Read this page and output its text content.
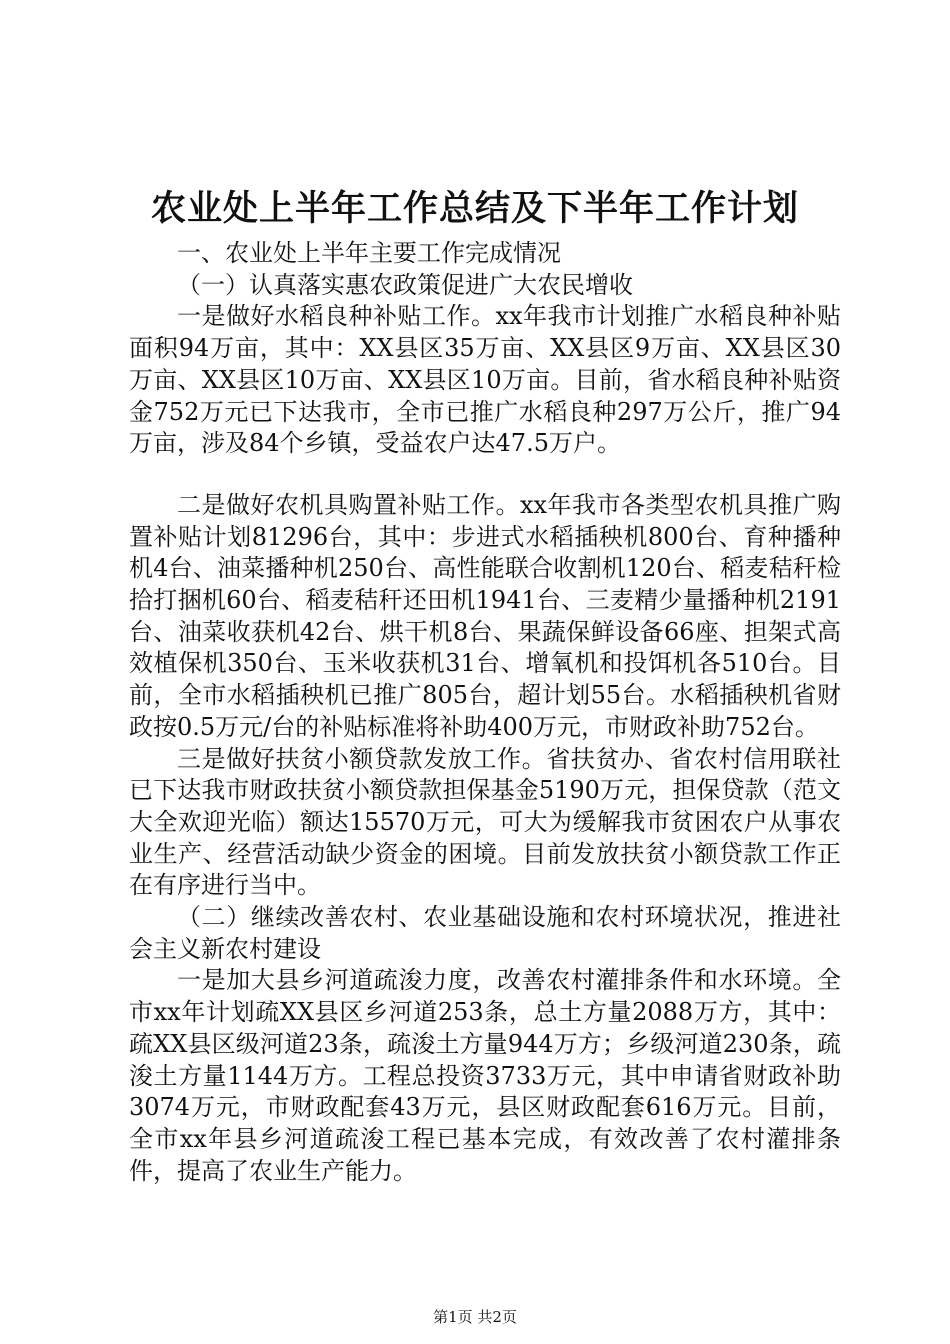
农业处上半年工作总结及下半年工作计划

一、农业处上半年主要工作完成情况

（一）认真落实惠农政策促进广大农民增收

一是做好水稻良种补贴工作。xx年我市计划推广水稻良种补贴面积94万亩，其中：XX县区35万亩、XX县区9万亩、XX县区30万亩、XX县区10万亩、XX县区10万亩。目前，省水稻良种补贴资金752万元已下达我市，全市已推广水稻良种297万公斤，推广94万亩，涉及84个乡镇，受益农户达47.5万户。

二是做好农机具购置补贴工作。xx年我市各类型农机具推广购置补贴计划81296台，其中：步进式水稻插秧机800台、育种播种机4台、油菜播种机250台、高性能联合收割机120台、稻麦秸秆检拾打捆机60台、稻麦秸秆还田机1941台、三麦精少量播种机2191台、油菜收获机42台、烘干机8台、果蔬保鲜设备66座、担架式高效植保机350台、玉米收获机31台、增氧机和投饵机各510台。目前，全市水稻插秧机已推广805台，超计划55台。水稻插秧机省财政按0.5万元/台的补贴标准将补助400万元，市财政补助752台。

三是做好扶贫小额贷款发放工作。省扶贫办、省农村信用联社已下达我市财政扶贫小额贷款担保基金5190万元，担保贷款（范文大全欢迎光临）额达15570万元，可大为缓解我市贫困农户从事农业生产、经营活动缺少资金的困境。目前发放扶贫小额贷款工作正在有序进行当中。

（二）继续改善农村、农业基础设施和农村环境状况，推进社会主义新农村建设

一是加大县乡河道疏浚力度，改善农村灌排条件和水环境。全市xx年计划疏XX县区乡河道253条，总土方量2088万方，其中：疏XX县区级河道23条，疏浚土方量944万方；乡级河道230条，疏浚土方量1144万方。工程总投资3733万元，其中申请省财政补助3074万元，市财政配套43万元，县区财政配套616万元。目前，全市xx年县乡河道疏浚工程已基本完成，有效改善了农村灌排条件，提高了农业生产能力。

第1页 共2页
